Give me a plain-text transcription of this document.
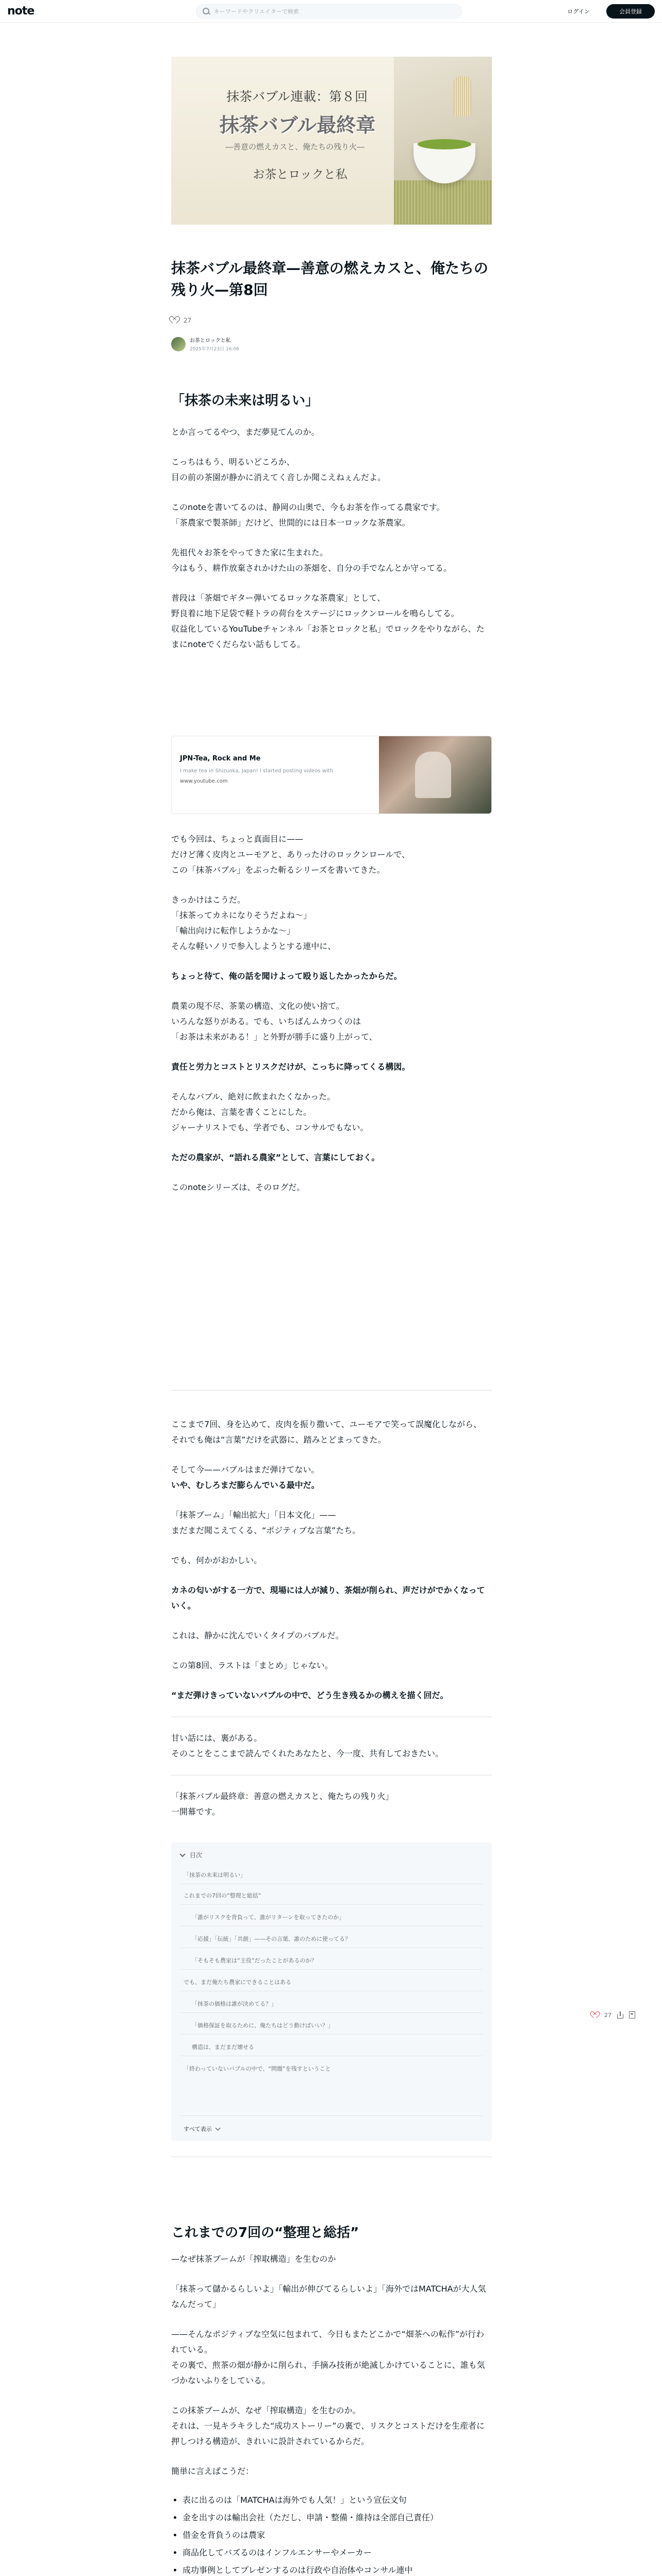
note
キーワードやクリエイターで検索	ログイン	会員登録
抹茶バブル連載：第８回
抹茶バブル最終章
―善意の燃えカスと、俺たちの残り火―
お茶とロックと私
抹茶バブル最終章—善意の燃えカスと、俺たちの残り火—第8回
27
お茶とロックと私
2025年7月23日 16:06
「抹茶の未来は明るい」

とか言ってるやつ、まだ夢見てんのか。

こっちはもう、明るいどころか、

目の前の茶園が静かに消えてく音しか聞こえねぇんだよ。

このnoteを書いてるのは、静岡の山奥で、今もお茶を作ってる農家です。

「茶農家で製茶師」だけど、世間的には日本一ロックな茶農家。

先祖代々お茶をやってきた家に生まれた。

今はもう、耕作放棄されかけた山の茶畑を、自分の手でなんとか守ってる。

普段は「茶畑でギター弾いてるロックな茶農家」として、

野良着に地下足袋で軽トラの荷台をステージにロックンロールを鳴らしてる。

収益化しているYouTubeチャンネル「お茶とロックと私」でロックをやりながら、たまにnoteでくだらない話もしてる。

JPN-Tea, Rock and Me
I make tea in Shizuoka, Japan! I started posting videos with
www.youtube.com

でも今回は、ちょっと真面目に——

だけど薄く皮肉とユーモアと、ありったけのロックンロールで、

この「抹茶バブル」をぶった斬るシリーズを書いてきた。

きっかけはこうだ。

「抹茶ってカネになりそうだよね〜」

「輸出向けに転作しようかな〜」

そんな軽いノリで参入しようとする連中に、

ちょっと待て、俺の話を聞けよって殴り返したかったからだ。

農業の現不尽、茶業の構造、文化の使い捨て。

いろんな怒りがある。でも、いちばんムカつくのは

「お茶は未来がある！」と外野が勝手に盛り上がって、

責任と労力とコストとリスクだけが、こっちに降ってくる構図。

そんなバブル、絶対に飲まれたくなかった。

だから俺は、言葉を書くことにした。

ジャーナリストでも、学者でも、コンサルでもない。

ただの農家が、“語れる農家”として、言葉にしておく。

このnoteシリーズは、そのログだ。

ここまで7回、身を込めて、皮肉を振り撒いて、ユーモアで笑って誤魔化しながら、

それでも俺は“言葉”だけを武器に、踏みとどまってきた。

そして今——バブルはまだ弾けてない。

いや、むしろまだ膨らんでいる最中だ。

「抹茶ブーム」「輸出拡大」「日本文化」——

まだまだ聞こえてくる、“ポジティブな言葉”たち。

でも、何かがおかしい。

カネの匂いがする一方で、現場には人が減り、茶畑が削られ、声だけがでかくなっていく。

これは、静かに沈んでいくタイプのバブルだ。

この第8回、ラストは「まとめ」じゃない。

“まだ弾けきっていないバブルの中で、どう生き残るかの構えを描く回だ。

甘い話には、裏がある。

そのことをここまで読んでくれたあなたと、今一度、共有しておきたい。

「抹茶バブル最終章：善意の燃えカスと、俺たちの残り火」

一開幕です。

目次
「抹茶の未来は明るい」
これまでの7回の“整理と総括”
「誰がリスクを背負って、誰がリターンを取ってきたのか」
「応援」「伝統」「共創」——その言葉、誰のために使ってる？
「そもそも農家は“主役”だったことがあるのか？
でも、まだ俺たち農家にできることはある
「抹茶の価格は誰が決めてる？」
「価格保証を取るために、俺たちはどう動けばいい？」
構造は、まだまだ壊せる
「終わっていないバブルの中で、“問題”を残すということ
すべて表示
27
これまでの7回の“整理と総括”

—なぜ抹茶ブームが「搾取構造」を生むのか

「抹茶って儲かるらしいよ」「輸出が伸びてるらしいよ」「海外ではMATCHAが大人気なんだって」

——そんなポジティブな空気に包まれて、今日もまたどこかで“畑茶への転作”が行われている。

その裏で、煎茶の畑が静かに削られ、手摘み技術が絶滅しかけていることに、誰も気づかないふりをしている。

この抹茶ブームが、なぜ「搾取構造」を生むのか。

それは、一見キラキラした“成功ストーリー”の裏で、リスクとコストだけを生産者に押しつける構造が、きれいに設計されているからだ。

簡単に言えばこうだ：

• 表に出るのは「MATCHAは海外でも人気！」という宣伝文句
• 金を出すのは輸出会社（ただし、申請・整備・維持は全部自己責任）
• 借金を背負うのは農家
• 商品化してバズるのはインフルエンサーやメーカー
• 成功事例としてプレゼンするのは行政や自治体やコンサル連中
